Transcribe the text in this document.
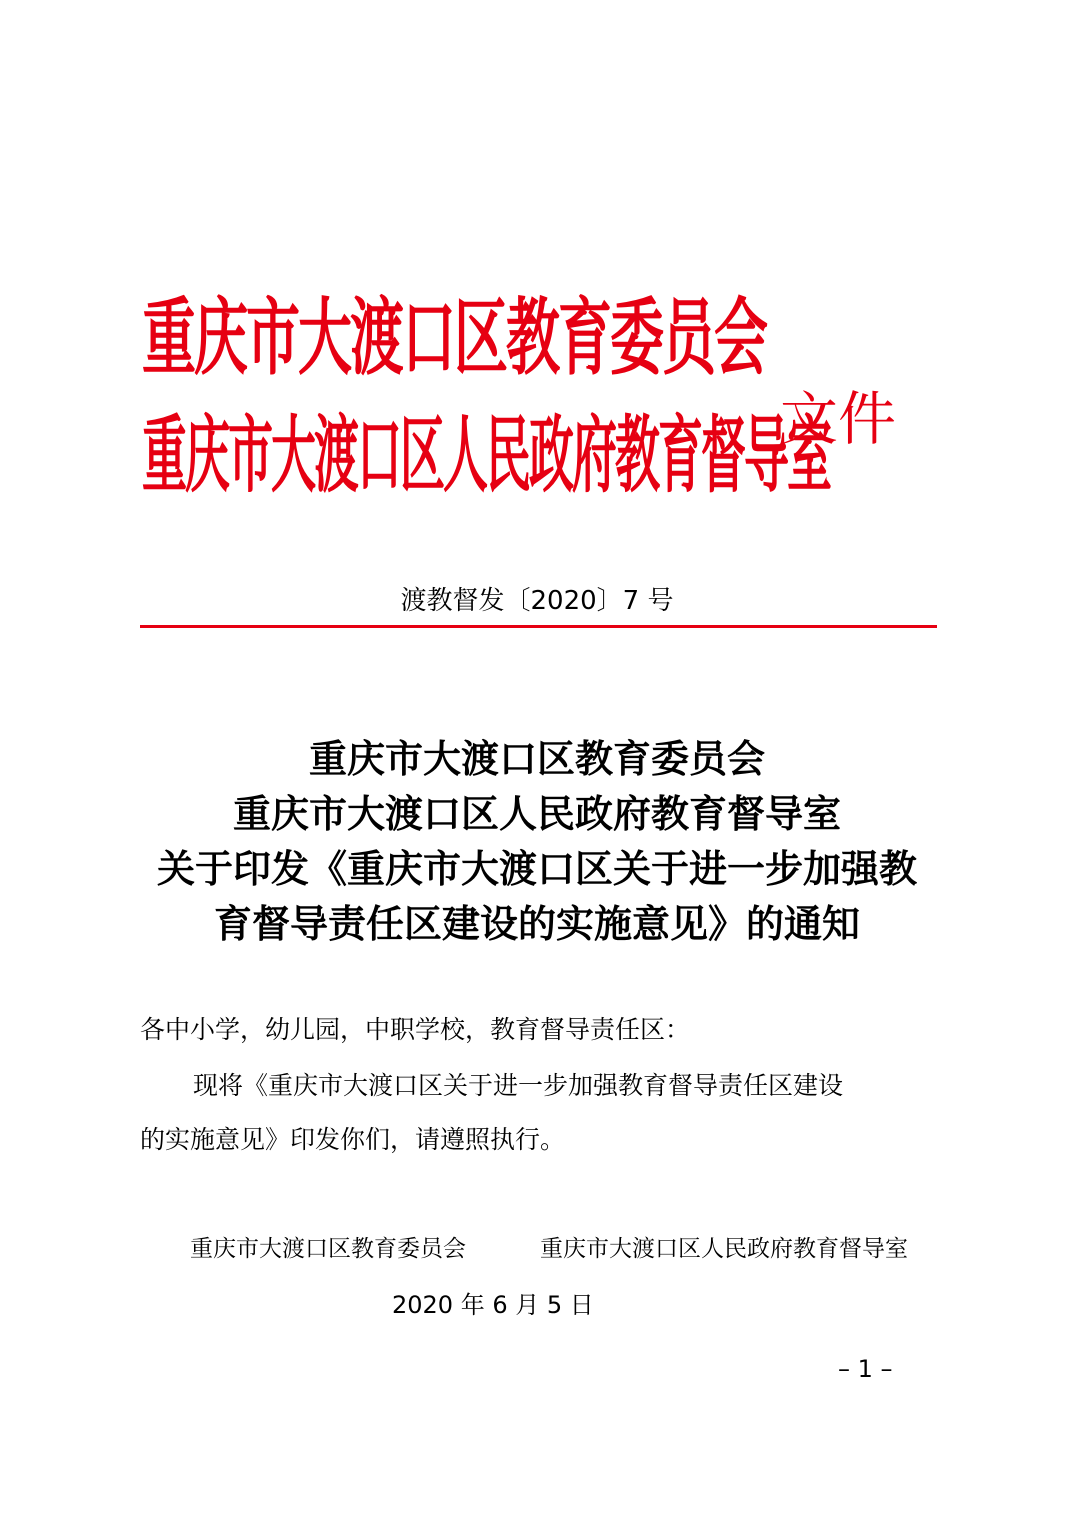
重庆市大渡口区教育委员会
重庆市大渡口区人民政府教育督导室
文件
渡教督发〔2020〕7 号
重庆市大渡口区教育委员会
重庆市大渡口区人民政府教育督导室
关于印发《重庆市大渡口区关于进一步加强教
育督导责任区建设的实施意见》的通知
各中小学，幼儿园，中职学校，教育督导责任区：
现将《重庆市大渡口区关于进一步加强教育督导责任区建设
的实施意见》印发你们，请遵照执行。
重庆市大渡口区教育委员会	重庆市大渡口区人民政府教育督导室
2020 年 6 月 5 日
– 1 –
